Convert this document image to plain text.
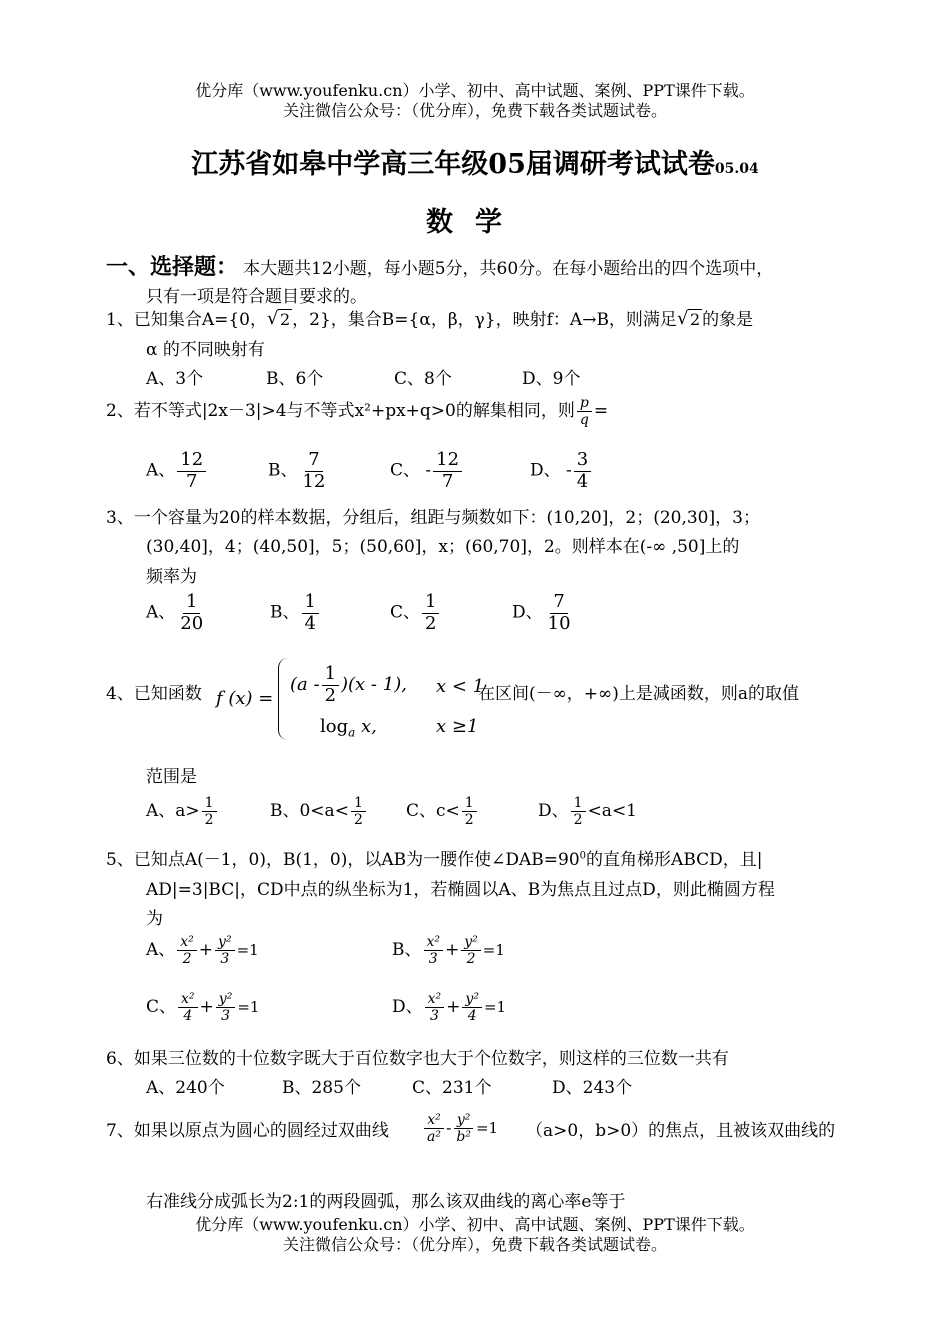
优分库（www.youfenku.cn）小学、初中、高中试题、案例、PPT课件下载。
关注微信公众号：（优分库），免费下载各类试题试卷。
江苏省如皋中学高三年级05届调研考试试卷05.04
数学
一、选择题： 本大题共12小题，每小题5分，共60分。在每小题给出的四个选项中，
只有一项是符合题目要求的。
1、已知集合A={0， √ 2 ，2}，集合B={α，β，γ}，映射f：A→B，则满足 √ 2 的象是
α 的不同映射有
A、3个	B、6个	C、8个	D、9个
2、若不等式|2x－3|>4与不等式x²+px+q>0的解集相同，则 $\frac{p}{q}$ =
A、 $\frac{12}{7}$	B、 $\frac{7}{12}$	C、 - $\frac{12}{7}$	D、 - $\frac{3}{4}$
3、一个容量为20的样本数据，分组后，组距与频数如下：(10,20]，2；(20,30]，3；
(30,40]，4；(40,50]，5；(50,60]，x；(60,70]，2。则样本在(-∞ ,50]上的
频率为
A、 $\frac{1}{20}$	B、 $\frac{1}{4}$	C、 $\frac{1}{2}$	D、 $\frac{7}{10}$
4、已知函数 f (x) =
$(a - \frac{1}{2} )(x - 1)$, x < 1
$\log_a x$,	x ≥1
在区间(－∞，+∞)上是减函数，则a的取值
范围是
A、$a> \frac{1}{2}$	B、$0<a< \frac{1}{2}$ C、$c< \frac{1}{2}$	D、 $\frac{1}{2} <a<1$
5、已知点A(－1，0)，B(1，0)，以AB为一腰作使$\angle DAB=90^0$的直角梯形ABCD，且|
AD|=3|BC|，CD中点的纵坐标为1，若椭圆以A、B为焦点且过点D，则此椭圆方程
为
A、 $\frac{\text{x²}}{2} + \frac{\text{y²}}{3} =1$	B、 $\frac{\text{x²}}{3} + \frac{\text{y²}}{2} =1$
C、 $\frac{\text{x²}}{4} + \frac{\text{y²}}{3} =1$	D、 $\frac{\text{x²}}{3} + \frac{\text{y²}}{4} =1$
6、如果三位数的十位数字既大于百位数字也大于个位数字，则这样的三位数一共有
A、240个	B、285个	C、231个	D、243个
7、如果以原点为圆心的圆经过双曲线	$\frac{\text{x²}}{\text{a²}} - \frac{\text{y²}}{\text{b²}} =1$ （a>0，b>0）的焦点，且被该双曲线的
右准线分成弧长为2:1的两段圆弧，那么该双曲线的离心率e等于
优分库（www.youfenku.cn）小学、初中、高中试题、案例、PPT课件下载。
关注微信公众号：（优分库），免费下载各类试题试卷。
